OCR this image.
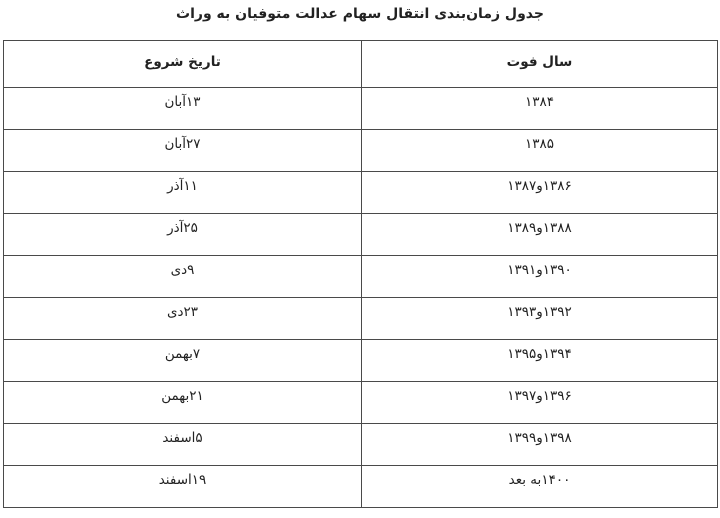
جدول زمان‌بندی انتقال سهام عدالت متوفیان به وراث
سال فوت	تاریخ شروع
۱۳۸۴	۱۳آبان
۱۳۸۵	۲۷آبان
۱۳۸۶و۱۳۸۷	۱۱آذر
۱۳۸۸و۱۳۸۹	۲۵آذر
۱۳۹۰و۱۳۹۱	۹دی
۱۳۹۲و۱۳۹۳	۲۳دی
۱۳۹۴و۱۳۹۵	۷بهمن
۱۳۹۶و۱۳۹۷	۲۱بهمن
۱۳۹۸و۱۳۹۹	۵اسفند
۱۴۰۰به بعد	۱۹اسفند
